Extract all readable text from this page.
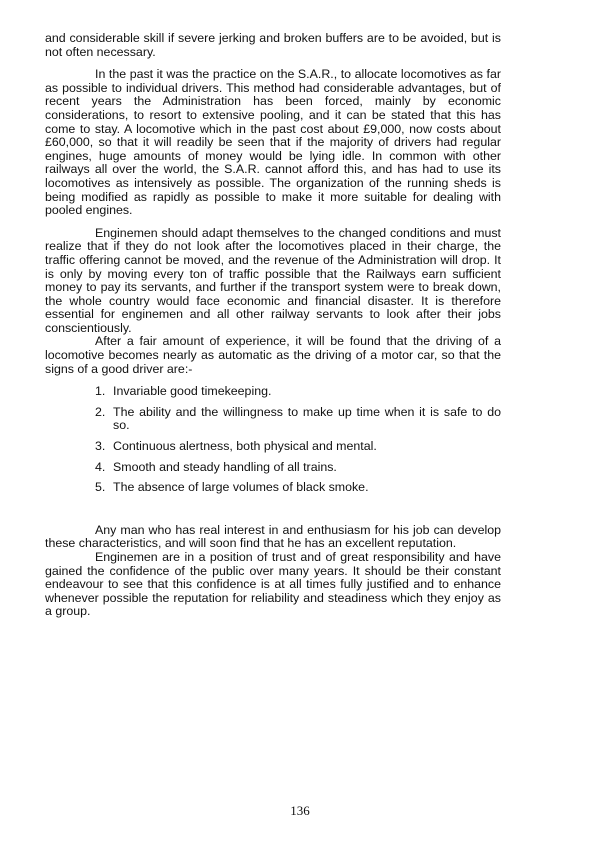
and considerable skill if severe jerking and broken buffers are to be avoided, but is not often necessary.

In the past it was the practice on the S.A.R., to allocate locomotives as far as possible to individual drivers. This method had considerable advantages, but of recent years the Administration has been forced, mainly by economic considerations, to resort to extensive pooling, and it can be stated that this has come to stay. A locomotive which in the past cost about £9,000, now costs about £60,000, so that it will readily be seen that if the majority of drivers had regular engines, huge amounts of money would be lying idle. In common with other railways all over the world, the S.A.R. cannot afford this, and has had to use its locomotives as intensively as possible. The organization of the running sheds is being modified as rapidly as possible to make it more suitable for dealing with pooled engines.

Enginemen should adapt themselves to the changed conditions and must realize that if they do not look after the locomotives placed in their charge, the traffic offering cannot be moved, and the revenue of the Administration will drop. It is only by moving every ton of traffic possible that the Railways earn sufficient money to pay its servants, and further if the transport system were to break down, the whole country would face economic and financial disaster. It is therefore essential for enginemen and all other railway servants to look after their jobs conscientiously.

After a fair amount of experience, it will be found that the driving of a locomotive becomes nearly as automatic as the driving of a motor car, so that the signs of a good driver are:-

1. Invariable good timekeeping.
2. The ability and the willingness to make up time when it is safe to do so.
3. Continuous alertness, both physical and mental.
4. Smooth and steady handling of all trains.
5. The absence of large volumes of black smoke.

Any man who has real interest in and enthusiasm for his job can develop these characteristics, and will soon find that he has an excellent reputation.

Enginemen are in a position of trust and of great responsibility and have gained the confidence of the public over many years. It should be their constant endeavour to see that this confidence is at all times fully justified and to enhance whenever possible the reputation for reliability and steadiness which they enjoy as a group.

136
